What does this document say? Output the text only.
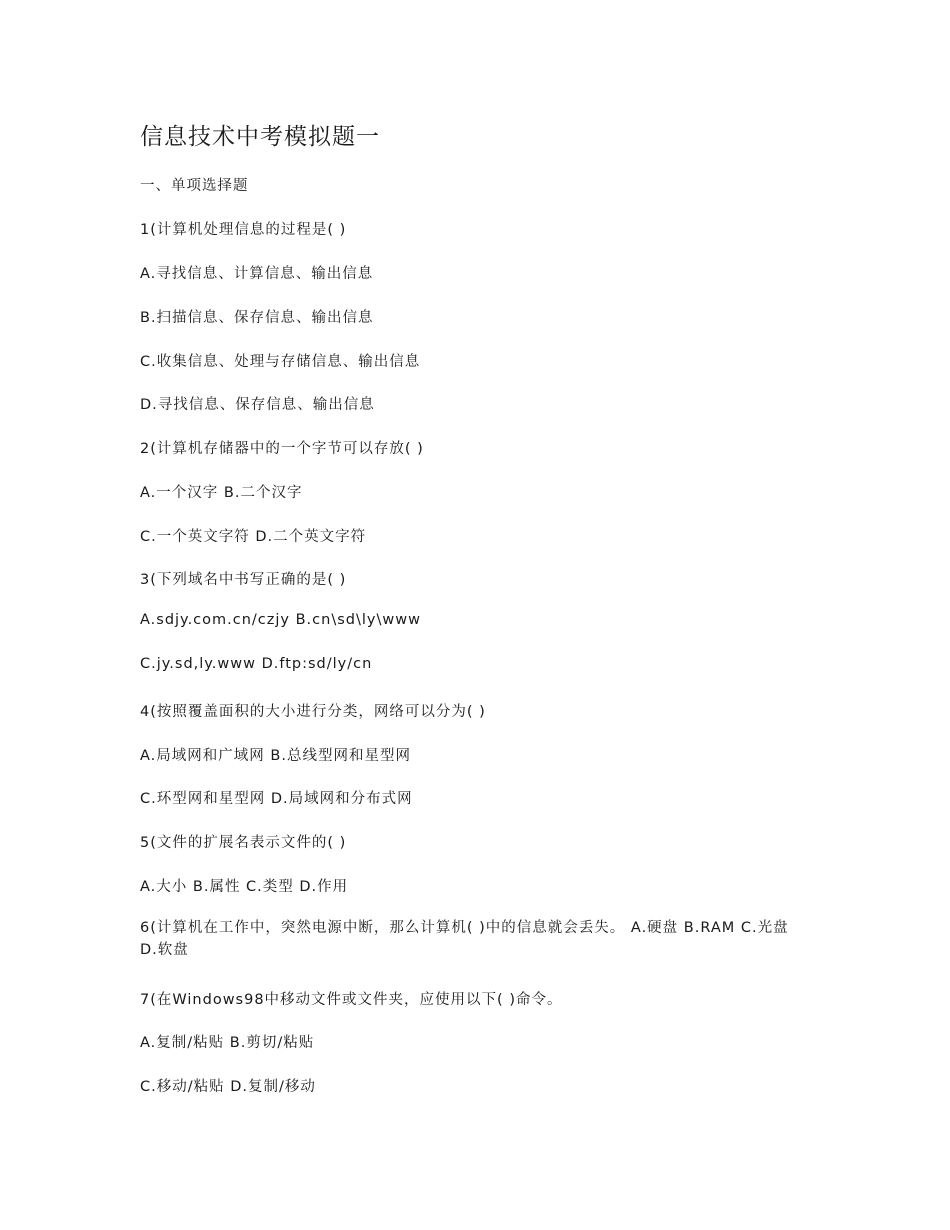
信息技术中考模拟题一
一、单项选择题
1(计算机处理信息的过程是( )
A.寻找信息、计算信息、输出信息
B.扫描信息、保存信息、输出信息
C.收集信息、处理与存储信息、输出信息
D.寻找信息、保存信息、输出信息
2(计算机存储器中的一个字节可以存放( )
A.一个汉字 B.二个汉字
C.一个英文字符 D.二个英文字符
3(下列域名中书写正确的是( )
A.sdjy.com.cn/czjy B.cn\sd\ly\www
C.jy.sd,ly.www D.ftp:sd/ly/cn
4(按照覆盖面积的大小进行分类，网络可以分为( )
A.局域网和广域网 B.总线型网和星型网
C.环型网和星型网 D.局域网和分布式网
5(文件的扩展名表示文件的( )
A.大小 B.属性 C.类型 D.作用
6(计算机在工作中，突然电源中断，那么计算机( )中的信息就会丢失。 A.硬盘 B.RAM C.光盘 D.软盘
7(在Windows98中移动文件或文件夹，应使用以下( )命令。
A.复制/粘贴 B.剪切/粘贴
C.移动/粘贴 D.复制/移动
